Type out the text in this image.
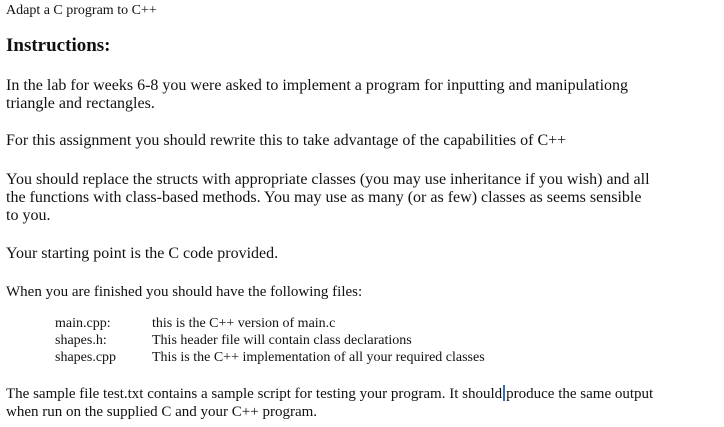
Adapt a C program to C++
Instructions:

In the lab for weeks 6-8 you were asked to implement a program for inputting and manipulationg triangle and rectangles.

For this assignment you should rewrite this to take advantage of the capabilities of C++

You should replace the structs with appropriate classes (you may use inheritance if you wish) and all the functions with class-based methods. You may use as many (or as few) classes as seems sensible to you.

Your starting point is the C code provided.

When you are finished you should have the following files:

main.cpp:	this is the C++ version of main.c
shapes.h:	This header file will contain class declarations
shapes.cpp	This is the C++ implementation of all your required classes

The sample file test.txt contains a sample script for testing your program. It should produce the same output when run on the supplied C and your C++ program.
